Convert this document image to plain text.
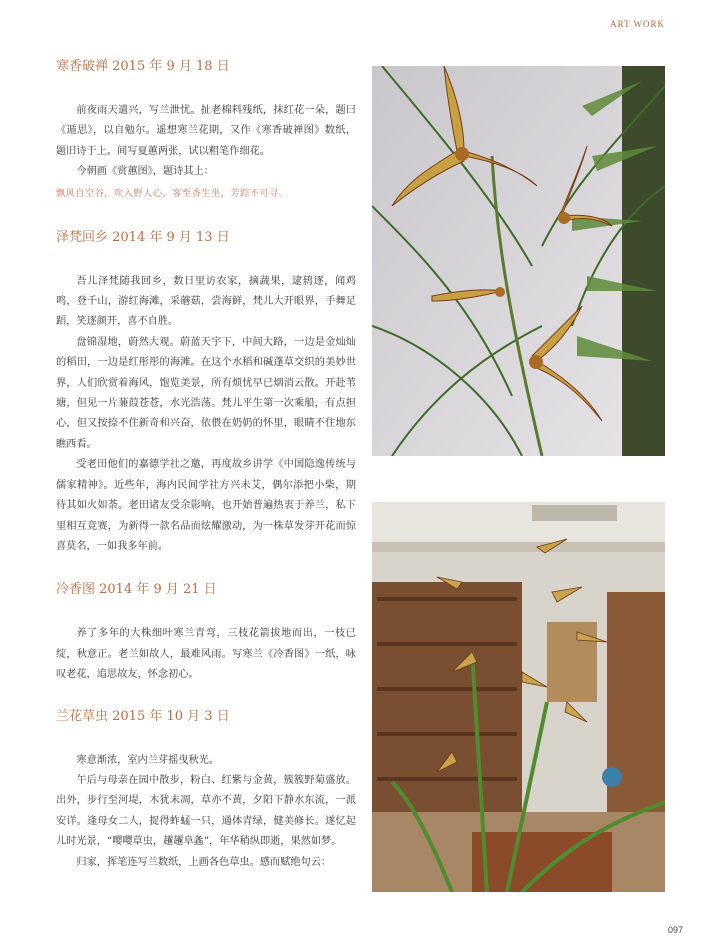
ART WORK
寒香破禅 2015 年 9 月 18 日

前夜雨天遣兴，写兰泄忧。扯老棉料残纸，抹红花一朵，题曰《遁思》，以自勉尔。遥想寒兰花期，又作《寒香破禅图》数纸，题旧诗于上。间写夏蕙两张，试以粗笔作细花。

今朝画《赏蕙图》，题诗其上：

飘风自空谷，吹入野人心。客至香生坐，芳踪不可寻。

泽梵回乡 2014 年 9 月 13 日

吾儿泽梵随我回乡，数日里访农家，摘蔬果，逮鸫逐，闻鸡鸣，登千山，游红海滩，采蘑菇，尝海鲜，梵儿大开眼界，手舞足蹈，笑逐颜开，喜不自胜。

盘锦湿地，蔚然大观。蔚蓝天宇下，中间大路，一边是金灿灿的稻田，一边是红彤彤的海滩。在这个水稻和碱蓬草交织的美妙世界，人们欣赏着海风，饱览美景，所有烦忧早已烟消云散。开赴苇塘，但见一片蒹葭苍苍，水光浩荡。梵儿平生第一次乘船，有点担心，但又按捺不住新奇和兴奋，依偎在奶奶的怀里，眼睛不住地东瞧西看。

受老田他们的嘉德学社之邀，再度故乡讲学《中国隐逸传统与儒家精神》。近些年，海内民间学社方兴未艾，偶尔添把小柴，期待其如火如荼。老田诸友受余影响，也开始普遍热衷于养兰，私下里相互竞赛，为新得一款名品而炫耀激动，为一株草发芽开花而惊喜莫名，一如我多年前。

冷香图 2014 年 9 月 21 日

养了多年的大株细叶寒兰青弯，三枝花箭拔地而出，一枝已绽，秋意正。老兰如故人，最难风雨。写寒兰《冷香图》一纸，咏叹老花，追思故友，怀念初心。

兰花草虫 2015 年 10 月 3 日

寒意渐浓，室内兰芽摇曳秋光。

午后与母亲在园中散步，粉白、红紫与金黄，簇簇野菊盛放。出外，步行至河堤，木犹未凋，草亦不黄，夕阳下静水东流，一派安详。逢母女二人，捉得蚱蜢一只，通体青绿，健美修长。遂忆起儿时光景，“嘤嘤草虫，趯趯阜螽”，年华稍纵即逝，果然如梦。

归家，挥笔连写兰数纸，上画各色草虫。感而赋绝句云：

097
